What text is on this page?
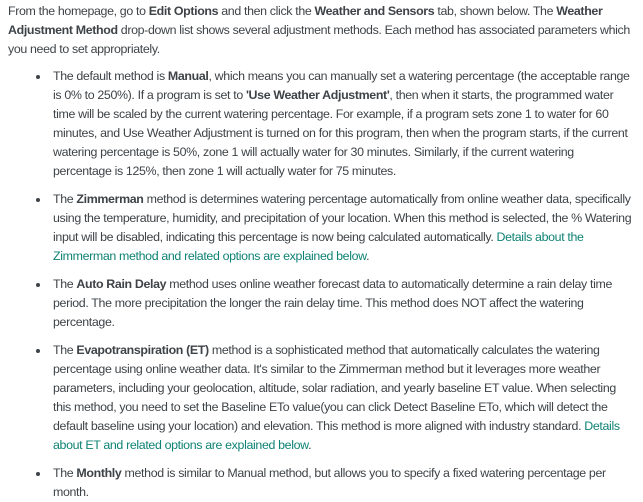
From the homepage, go to Edit Options and then click the Weather and Sensors tab, shown below. The Weather Adjustment Method drop-down list shows several adjustment methods. Each method has associated parameters which you need to set appropriately.

• The default method is Manual, which means you can manually set a watering percentage (the acceptable range is 0% to 250%). If a program is set to 'Use Weather Adjustment', then when it starts, the programmed water time will be scaled by the current watering percentage. For example, if a program sets zone 1 to water for 60 minutes, and Use Weather Adjustment is turned on for this program, then when the program starts, if the current watering percentage is 50%, zone 1 will actually water for 30 minutes. Similarly, if the current watering percentage is 125%, then zone 1 will actually water for 75 minutes.
• The Zimmerman method is determines watering percentage automatically from online weather data, specifically using the temperature, humidity, and precipitation of your location. When this method is selected, the % Watering input will be disabled, indicating this percentage is now being calculated automatically. Details about the Zimmerman method and related options are explained below.
• The Auto Rain Delay method uses online weather forecast data to automatically determine a rain delay time period. The more precipitation the longer the rain delay time. This method does NOT affect the watering percentage.
• The Evapotranspiration (ET) method is a sophisticated method that automatically calculates the watering percentage using online weather data. It's similar to the Zimmerman method but it leverages more weather parameters, including your geolocation, altitude, solar radiation, and yearly baseline ET value. When selecting this method, you need to set the Baseline ETo value(you can click Detect Baseline ETo, which will detect the default baseline using your location) and elevation. This method is more aligned with industry standard. Details about ET and related options are explained below.
• The Monthly method is similar to Manual method, but allows you to specify a fixed watering percentage per month.
